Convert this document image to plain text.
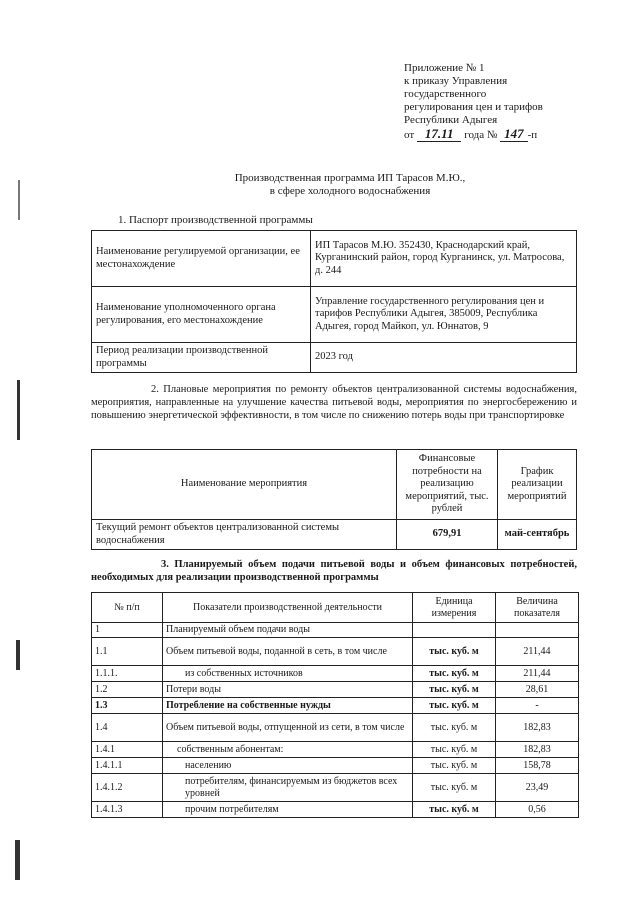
Приложение № 1
к приказу Управления
государственного
регулирования цен и тарифов
Республики Адыгея
от 17.11 года № 147 -п
Производственная программа ИП Тарасов М.Ю.,
в сфере холодного водоснабжения
1. Паспорт производственной программы
Наименование регулируемой организации, ее местонахождение	ИП Тарасов М.Ю. 352430, Краснодарский край, Курганинский район, город Курганинск, ул. Матросова, д. 244
Наименование уполномоченного органа регулирования, его местонахождение	Управление государственного регулирования цен и тарифов Республики Адыгея, 385009, Республика Адыгея, город Майкоп, ул. Юннатов, 9
Период реализации производственной программы	2023 год
2. Плановые мероприятия по ремонту объектов централизованной системы водоснабжения, мероприятия, направленные на улучшение качества питьевой воды, мероприятия по энергосбережению и повышению энергетической эффективности, в том числе по снижению потерь воды при транспортировке
Наименование мероприятия	Финансовые потребности на реализацию мероприятий, тыс. рублей	График реализации мероприятий
Текущий ремонт объектов централизованной системы водоснабжения	679,91	май-сентябрь
3. Планируемый объем подачи питьевой воды и объем финансовых потребностей, необходимых для реализации производственной программы
№ п/п	Показатели производственной деятельности	Единица измерения	Величина показателя
1	Планируемый объем подачи воды		
1.1	Объем питьевой воды, поданной в сеть, в том числе	тыс. куб. м	211,44
1.1.1.	из собственных источников	тыс. куб. м	211,44
1.2	Потери воды	тыс. куб. м	28,61
1.3	Потребление на собственные нужды	тыс. куб. м	-
1.4	Объем питьевой воды, отпущенной из сети, в том числе	тыс. куб. м	182,83
1.4.1	собственным абонентам:	тыс. куб. м	182,83
1.4.1.1	населению	тыс. куб. м	158,78
1.4.1.2	потребителям, финансируемым из бюджетов всех уровней	тыс. куб. м	23,49
1.4.1.3	прочим потребителям	тыс. куб. м	0,56
